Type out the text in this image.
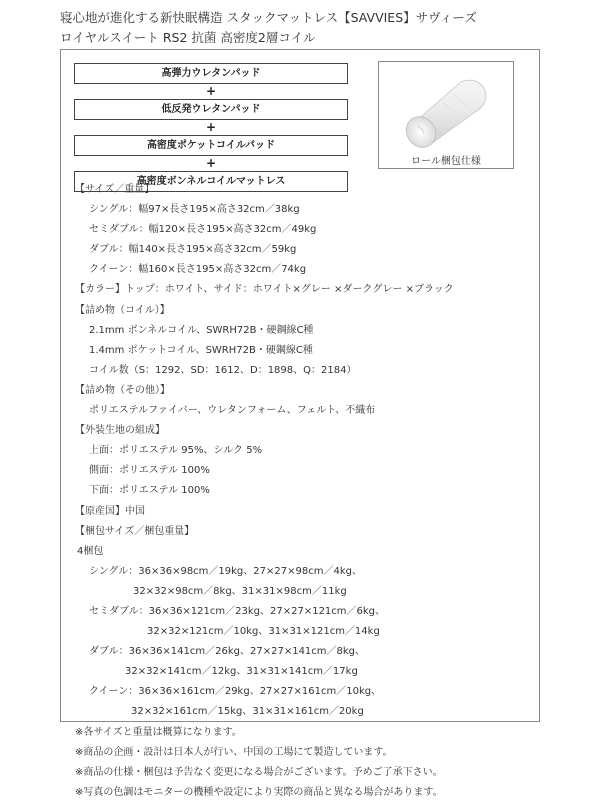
寝心地が進化する新快眠構造 スタックマットレス【SAVVIES】サヴィーズ
ロイヤルスイート RS2 抗菌 高密度2層コイル
高弾力ウレタンパッド
+
低反発ウレタンパッド
+
高密度ポケットコイルパッド
+
高密度ボンネルコイルマットレス
ロール梱包仕様
【サイズ／重量】
シングル：幅97×長さ195×高さ32cm／38kg
セミダブル：幅120×長さ195×高さ32cm／49kg
ダブル：幅140×長さ195×高さ32cm／59kg
クイーン：幅160×長さ195×高さ32cm／74kg
【カラー】トップ：ホワイト、サイド：ホワイト×グレー ×ダークグレー ×ブラック
【詰め物（コイル）】
2.1mm ボンネルコイル、SWRH72B・硬鋼線C種
1.4mm ポケットコイル、SWRH72B・硬鋼線C種
コイル数（S：1292、SD：1612、D：1898、Q：2184）
【詰め物（その他）】
ポリエステルファイバー、ウレタンフォーム、フェルト、不織布
【外装生地の組成】
上面：ポリエステル 95%、シルク 5%
側面：ポリエステル 100%
下面：ポリエステル 100%
【原産国】中国
【梱包サイズ／梱包重量】
4梱包
シングル：36×36×98cm／19kg、27×27×98cm／4kg、
32×32×98cm／8kg、31×31×98cm／11kg
セミダブル：36×36×121cm／23kg、27×27×121cm／6kg、
32×32×121cm／10kg、31×31×121cm／14kg
ダブル：36×36×141cm／26kg、27×27×141cm／8kg、
32×32×141cm／12kg、31×31×141cm／17kg
クイーン：36×36×161cm／29kg、27×27×161cm／10kg、
32×32×161cm／15kg、31×31×161cm／20kg
※各サイズと重量は概算になります。
※商品の企画・設計は日本人が行い、中国の工場にて製造しています。
※商品の仕様・梱包は予告なく変更になる場合がございます。予めご了承下さい。
※写真の色調はモニターの機種や設定により実際の商品と異なる場合があります。
